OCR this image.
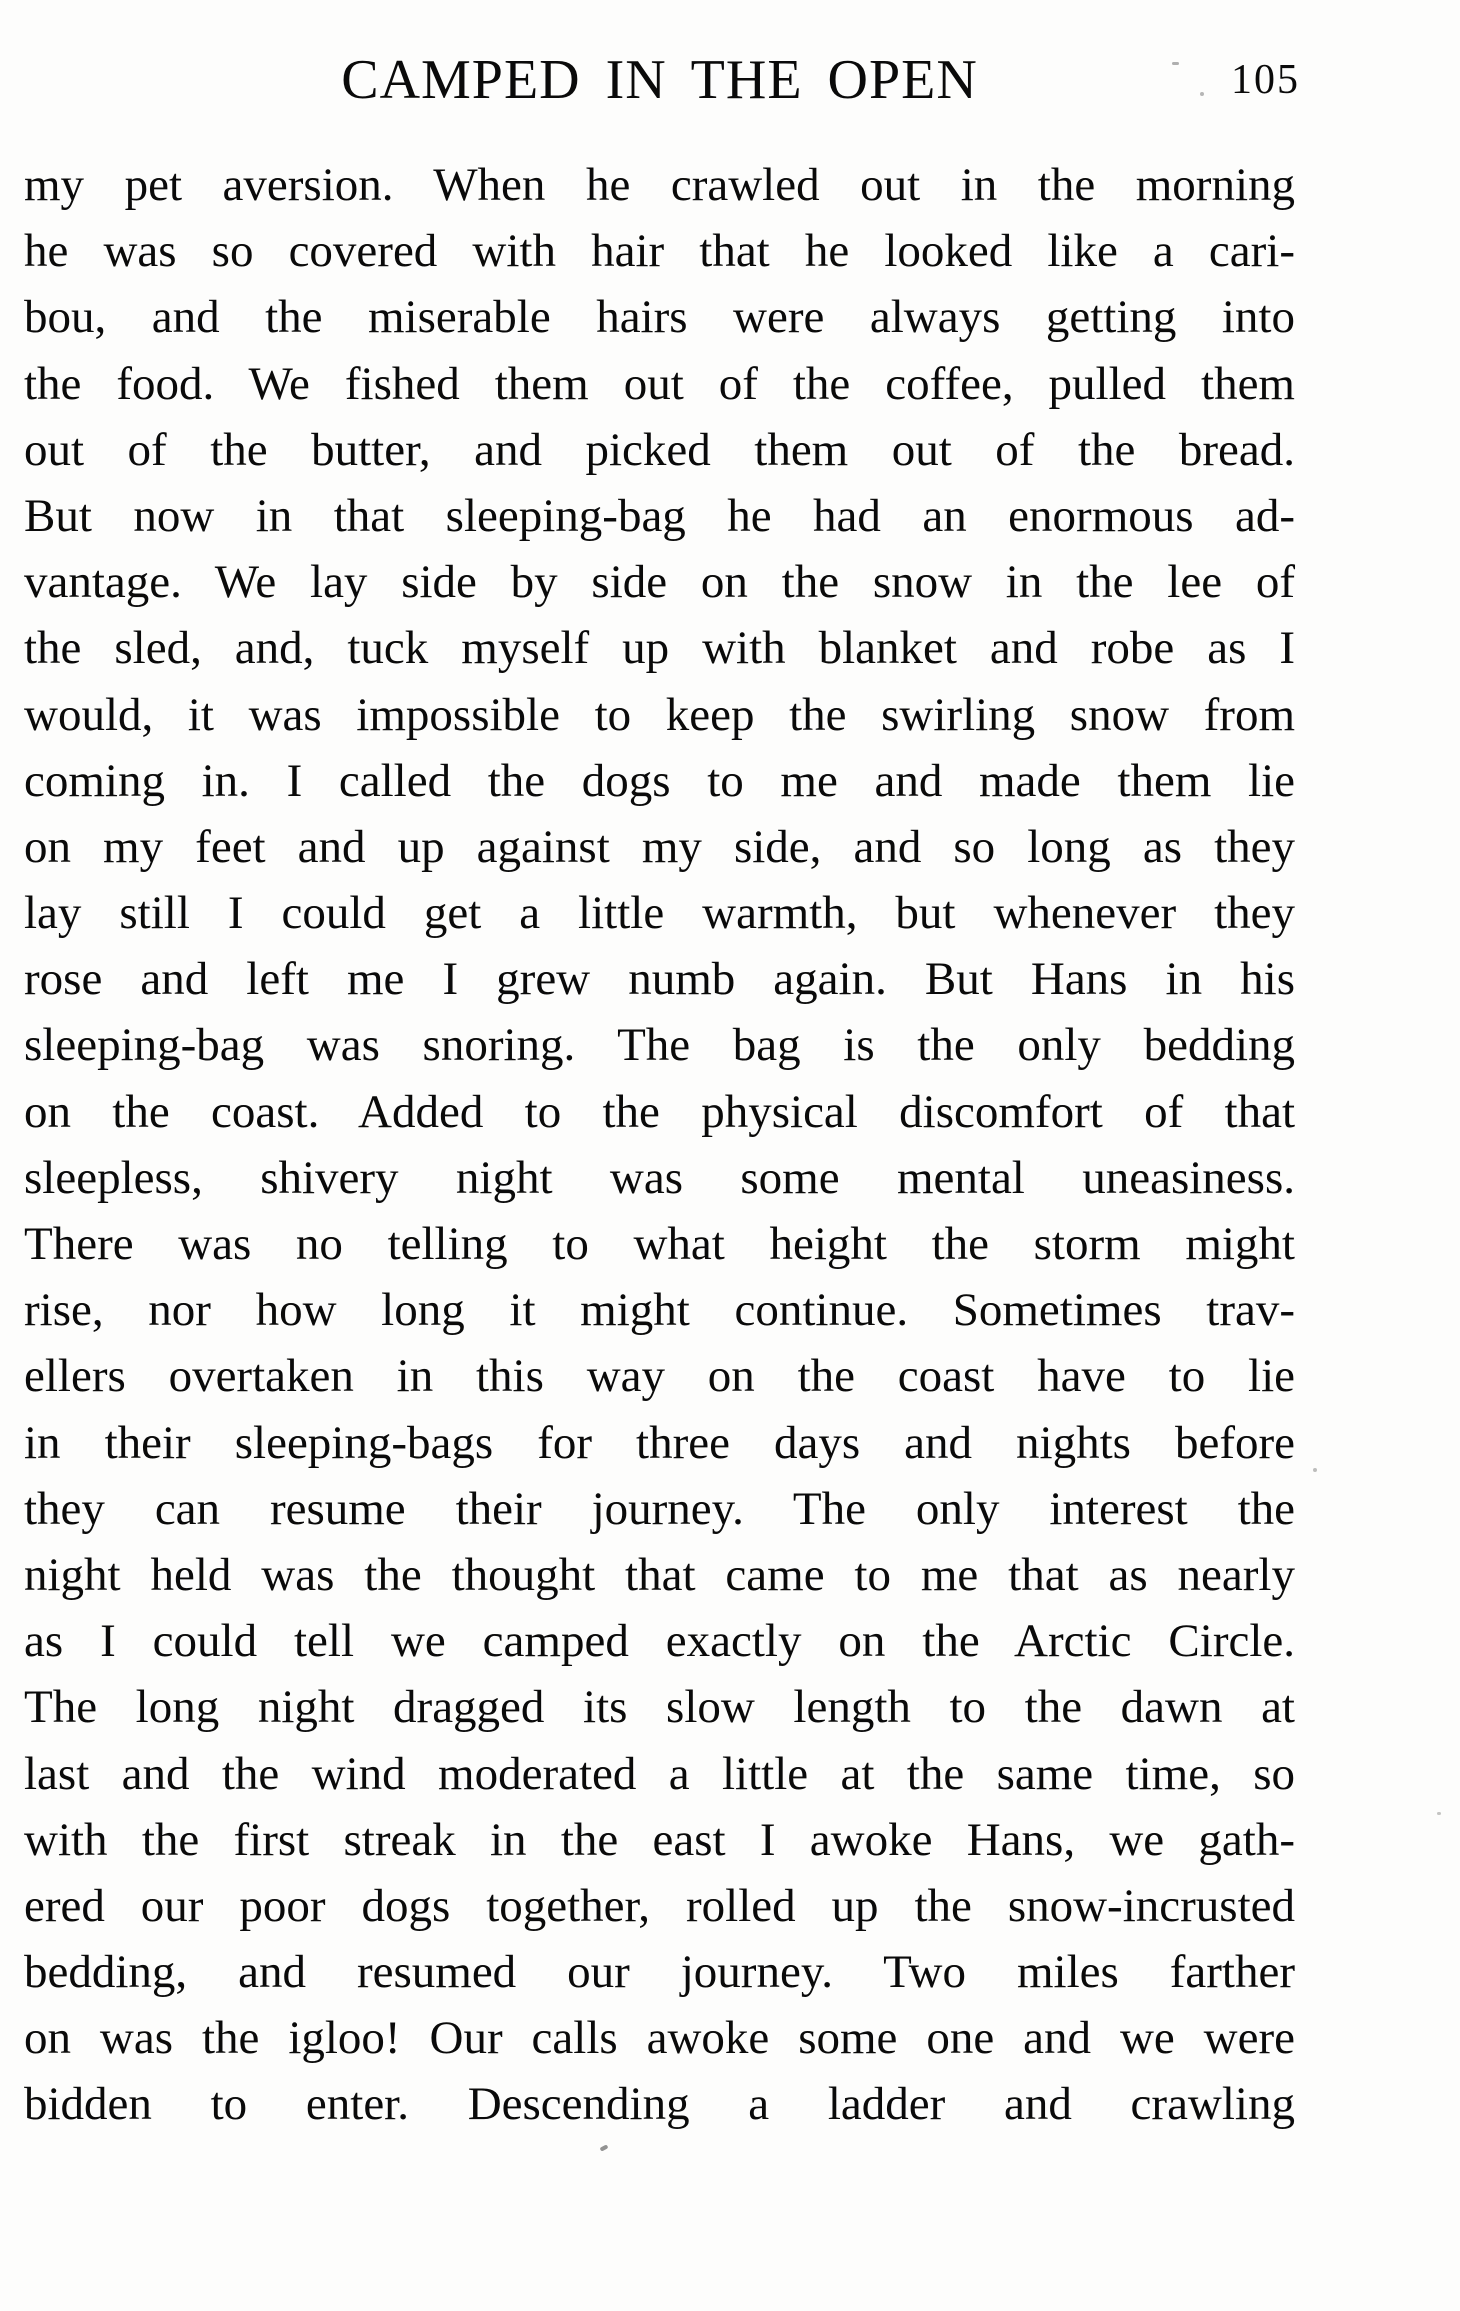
CAMPED IN THE OPEN	105
my pet aversion. When he crawled out in the morning
he was so covered with hair that he looked like a cari-
bou, and the miserable hairs were always getting into
the food. We fished them out of the coffee, pulled them
out of the butter, and picked them out of the bread.
But now in that sleeping-bag he had an enormous ad-
vantage. We lay side by side on the snow in the lee of
the sled, and, tuck myself up with blanket and robe as I
would, it was impossible to keep the swirling snow from
coming in. I called the dogs to me and made them lie
on my feet and up against my side, and so long as they
lay still I could get a little warmth, but whenever they
rose and left me I grew numb again. But Hans in his
sleeping-bag was snoring. The bag is the only bedding
on the coast. Added to the physical discomfort of that
sleepless, shivery night was some mental uneasiness.
There was no telling to what height the storm might
rise, nor how long it might continue. Sometimes trav-
ellers overtaken in this way on the coast have to lie
in their sleeping-bags for three days and nights before
they can resume their journey. The only interest the
night held was the thought that came to me that as nearly
as I could tell we camped exactly on the Arctic Circle.
The long night dragged its slow length to the dawn at
last and the wind moderated a little at the same time, so
with the first streak in the east I awoke Hans, we gath-
ered our poor dogs together, rolled up the snow-incrusted
bedding, and resumed our journey. Two miles farther
on was the igloo! Our calls awoke some one and we were
bidden to enter. Descending a ladder and crawling
